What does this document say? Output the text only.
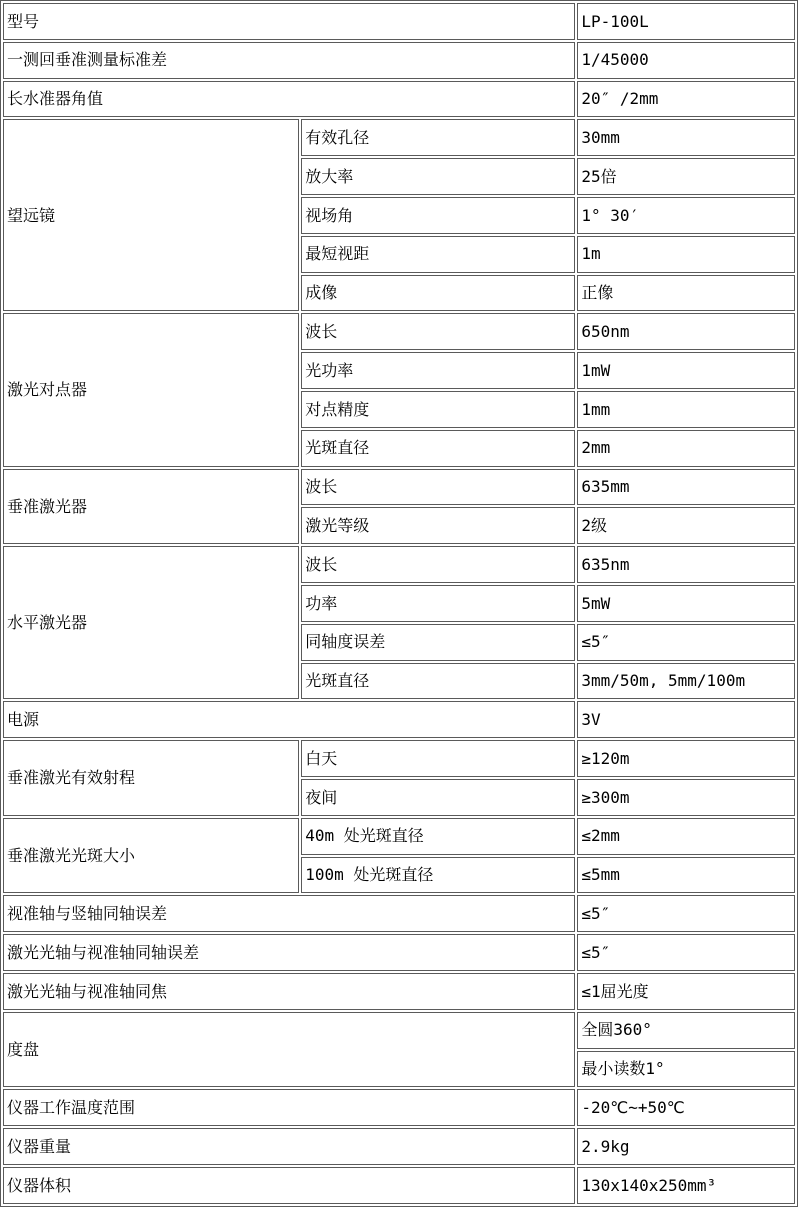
型号		LP-100L
一测回垂准测量标准差		1/45000
长水准器角值		20″ /2mm
望远镜	有效孔径	30mm
	放大率	25倍
	视场角	1° 30′
	最短视距	1m
	成像	正像
激光对点器	波长	650nm
	光功率	1mW
	对点精度	1mm
	光斑直径	2mm
垂准激光器	波长	635mm
	激光等级	2级
水平激光器	波长	635nm
	功率	5mW
	同轴度误差	≤5″
	光斑直径	3mm/50m, 5mm/100m
电源		3V
垂准激光有效射程	白天	≥120m
	夜间	≥300m
垂准激光光斑大小	40m 处光斑直径	≤2mm
	100m 处光斑直径	≤5mm
视准轴与竖轴同轴误差		≤5″
激光光轴与视准轴同轴误差		≤5″
激光光轴与视准轴同焦		≤1屈光度
度盘		全圆360°
		最小读数1°
仪器工作温度范围		-20℃~+50℃
仪器重量		2.9kg
仪器体积		130x140x250mm³
